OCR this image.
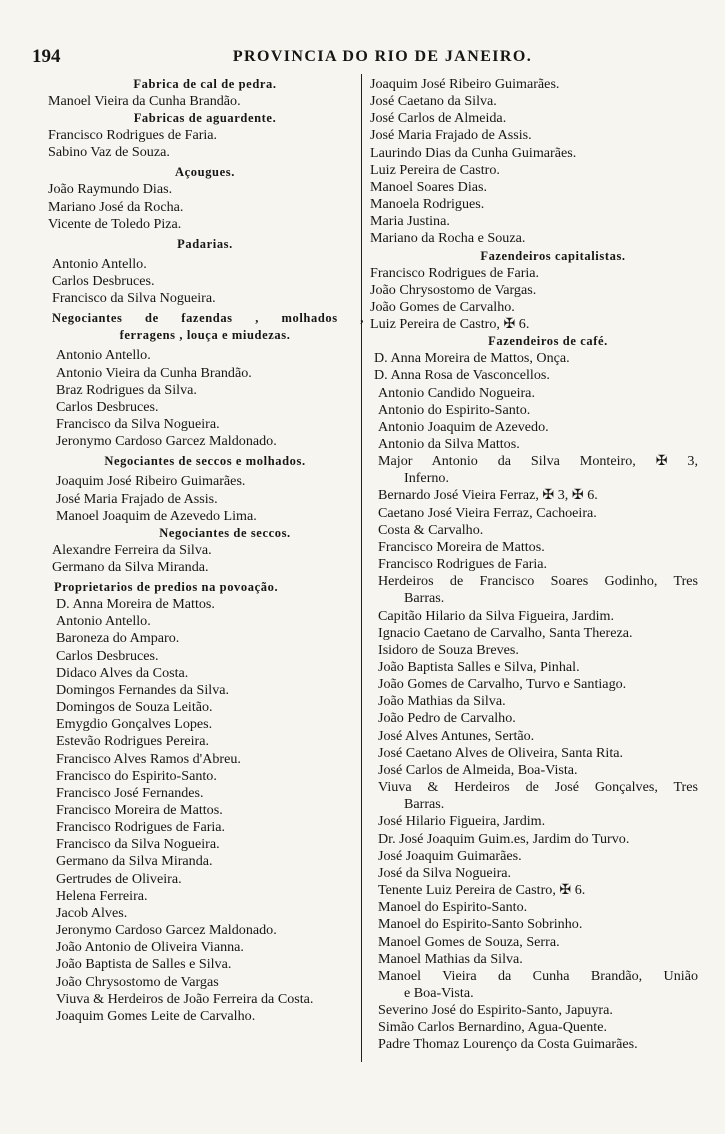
194	PROVINCIA DO RIO DE JANEIRO.
Fabrica de cal de pedra.
Manoel Vieira da Cunha Brandão.
Fabricas de aguardente.
Francisco Rodrigues de Faria.
Sabino Vaz de Souza.
Açougues.
João Raymundo Dias.
Mariano José da Rocha.
Vicente de Toledo Piza.
Padarias.
Antonio Antello.
Carlos Desbruces.
Francisco da Silva Nogueira.
Negociantes de fazendas , molhados ,
ferragens , louça e miudezas.
Antonio Antello.
Antonio Vieira da Cunha Brandão.
Braz Rodrigues da Silva.
Carlos Desbruces.
Francisco da Silva Nogueira.
Jeronymo Cardoso Garcez Maldonado.
Negociantes de seccos e molhados.
Joaquim José Ribeiro Guimarães.
José Maria Frajado de Assis.
Manoel Joaquim de Azevedo Lima.
Negociantes de seccos.
Alexandre Ferreira da Silva.
Germano da Silva Miranda.
Proprietarios de predios na povoação.
D. Anna Moreira de Mattos.
Antonio Antello.
Baroneza do Amparo.
Carlos Desbruces.
Didaco Alves da Costa.
Domingos Fernandes da Silva.
Domingos de Souza Leitão.
Emygdio Gonçalves Lopes.
Estevão Rodrigues Pereira.
Francisco Alves Ramos d'Abreu.
Francisco do Espirito-Santo.
Francisco José Fernandes.
Francisco Moreira de Mattos.
Francisco Rodrigues de Faria.
Francisco da Silva Nogueira.
Germano da Silva Miranda.
Gertrudes de Oliveira.
Helena Ferreira.
Jacob Alves.
Jeronymo Cardoso Garcez Maldonado.
João Antonio de Oliveira Vianna.
João Baptista de Salles e Silva.
João Chrysostomo de Vargas
Viuva & Herdeiros de João Ferreira da Costa.
Joaquim Gomes Leite de Carvalho.
Joaquim José Ribeiro Guimarães.
José Caetano da Silva.
José Carlos de Almeida.
José Maria Frajado de Assis.
Laurindo Dias da Cunha Guimarães.
Luiz Pereira de Castro.
Manoel Soares Dias.
Manoela Rodrigues.
Maria Justina.
Mariano da Rocha e Souza.
Fazendeiros capitalistas.
Francisco Rodrigues de Faria.
João Chrysostomo de Vargas.
João Gomes de Carvalho.
Luiz Pereira de Castro, ✠ 6.
Fazendeiros de café.
D. Anna Moreira de Mattos, Onça.
D. Anna Rosa de Vasconcellos.
Antonio Candido Nogueira.
Antonio do Espirito-Santo.
Antonio Joaquim de Azevedo.
Antonio da Silva Mattos.
Major Antonio da Silva Monteiro, ✠ 3,
Inferno.
Bernardo José Vieira Ferraz, ✠ 3, ✠ 6.
Caetano José Vieira Ferraz, Cachoeira.
Costa & Carvalho.
Francisco Moreira de Mattos.
Francisco Rodrigues de Faria.
Herdeiros de Francisco Soares Godinho, Tres
Barras.
Capitão Hilario da Silva Figueira, Jardim.
Ignacio Caetano de Carvalho, Santa Thereza.
Isidoro de Souza Breves.
João Baptista Salles e Silva, Pinhal.
João Gomes de Carvalho, Turvo e Santiago.
João Mathias da Silva.
João Pedro de Carvalho.
José Alves Antunes, Sertão.
José Caetano Alves de Oliveira, Santa Rita.
José Carlos de Almeida, Boa-Vista.
Viuva & Herdeiros de José Gonçalves, Tres
Barras.
José Hilario Figueira, Jardim.
Dr. José Joaquim Guim.es, Jardim do Turvo.
José Joaquim Guimarães.
José da Silva Nogueira.
Tenente Luiz Pereira de Castro, ✠ 6.
Manoel do Espirito-Santo.
Manoel do Espirito-Santo Sobrinho.
Manoel Gomes de Souza, Serra.
Manoel Mathias da Silva.
Manoel Vieira da Cunha Brandão, União
e Boa-Vista.
Severino José do Espirito-Santo, Japuyra.
Simão Carlos Bernardino, Agua-Quente.
Padre Thomaz Lourenço da Costa Guimarães.
